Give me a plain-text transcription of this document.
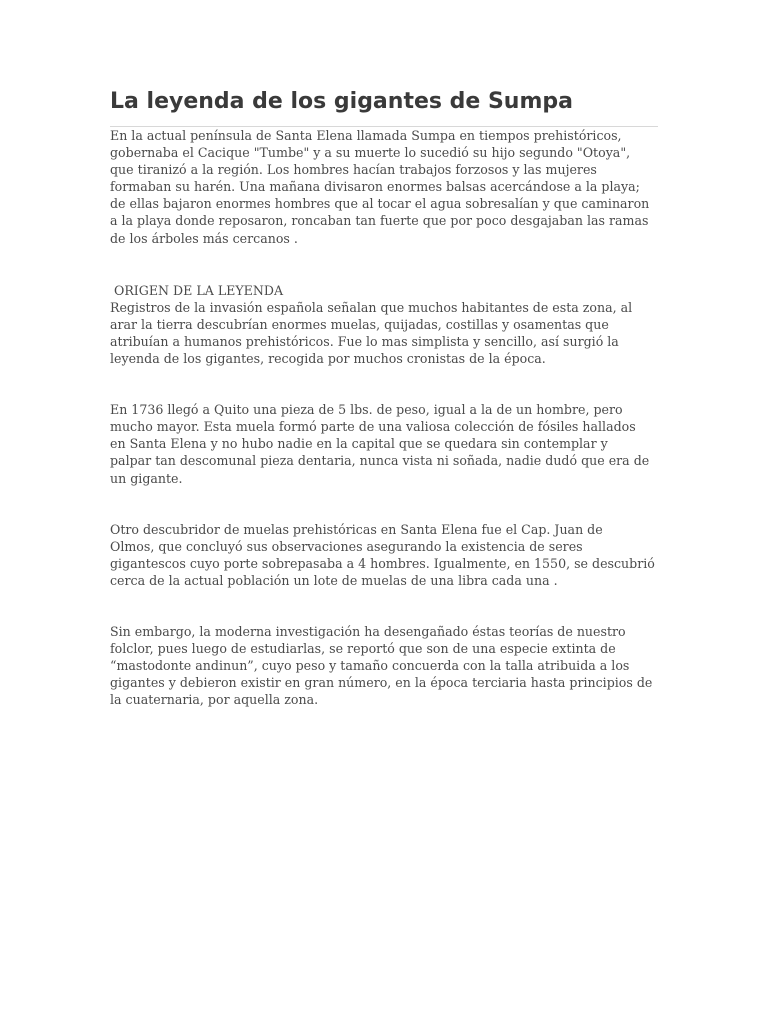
La leyenda de los gigantes de Sumpa

En la actual península de Santa Elena llamada Sumpa en tiempos prehistóricos,
gobernaba el Cacique "Tumbe" y a su muerte lo sucedió su hijo segundo "Otoya",
que tiranizó a la región. Los hombres hacían trabajos forzosos y las mujeres
formaban su harén. Una mañana divisaron enormes balsas acercándose a la playa;
de ellas bajaron enormes hombres que al tocar el agua sobresalían y que caminaron
a la playa donde reposaron, roncaban tan fuerte que por poco desgajaban las ramas
de los árboles más cercanos .

ORIGEN DE LA LEYENDA

Registros de la invasión española señalan que muchos habitantes de esta zona, al
arar la tierra descubrían enormes muelas, quijadas, costillas y osamentas que
atribuían a humanos prehistóricos. Fue lo mas simplista y sencillo, así surgió la
leyenda de los gigantes, recogida por muchos cronistas de la época.

En 1736 llegó a Quito una pieza de 5 lbs. de peso, igual a la de un hombre, pero
mucho mayor. Esta muela formó parte de una valiosa colección de fósiles hallados
en Santa Elena y no hubo nadie en la capital que se quedara sin contemplar y
palpar tan descomunal pieza dentaria, nunca vista ni soñada, nadie dudó que era de
un gigante.

Otro descubridor de muelas prehistóricas en Santa Elena fue el Cap. Juan de
Olmos, que concluyó sus observaciones asegurando la existencia de seres
gigantescos cuyo porte sobrepasaba a 4 hombres. Igualmente, en 1550, se descubrió
cerca de la actual población un lote de muelas de una libra cada una .

Sin embargo, la moderna investigación ha desengañado éstas teorías de nuestro
folclor, pues luego de estudiarlas, se reportó que son de una especie extinta de
“mastodonte andinun”, cuyo peso y tamaño concuerda con la talla atribuida a los
gigantes y debieron existir en gran número, en la época terciaria hasta principios de
la cuaternaria, por aquella zona.
